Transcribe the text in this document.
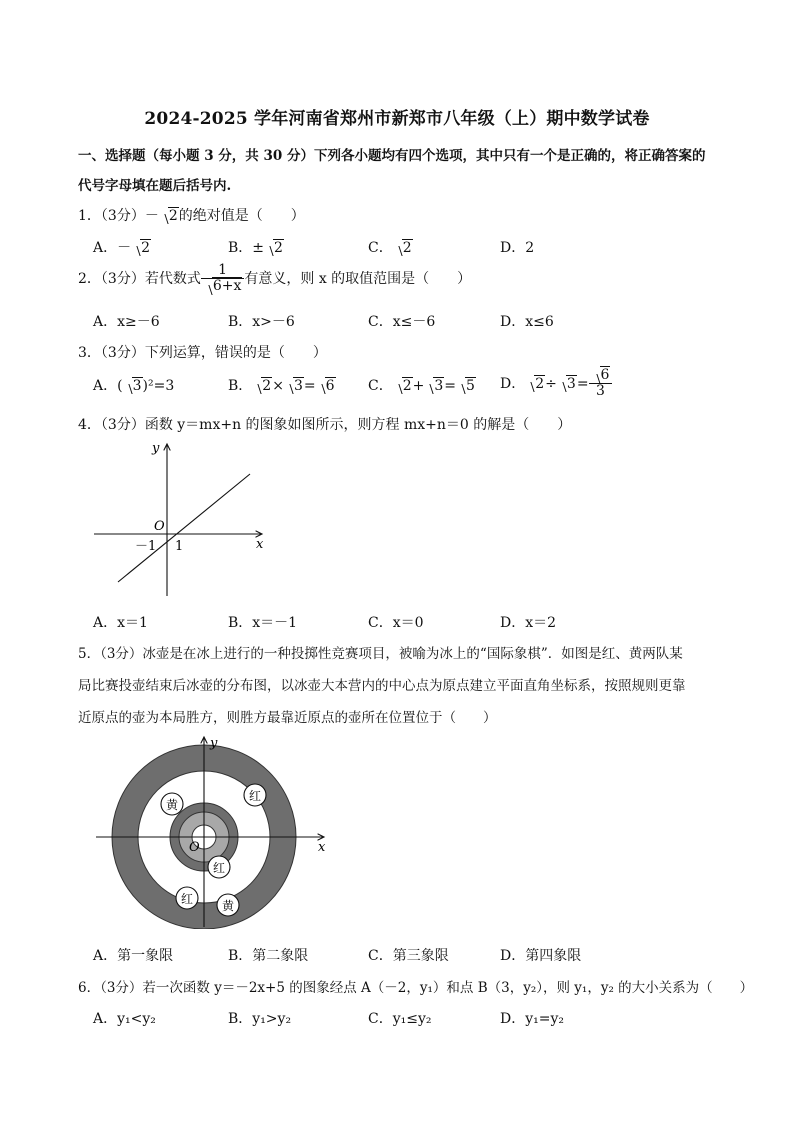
2024-2025 学年河南省郑州市新郑市八年级（上）期中数学试卷
一、选择题（每小题 3 分，共 30 分）下列各小题均有四个选项，其中只有一个是正确的，将正确答案的
代号字母填在题后括号内.
1．（3分）－ 2的绝对值是（　　）
A．－ 2	B．± 2	C． 2	D．2
2．（3分）若代数式 $\frac{1}{6+x}$ 有意义，则 x 的取值范围是（　　）
A．x≥－6	B．x>－6	C．x≤－6	D．x≤6
3．（3分）下列运算，错误的是（　　）
A．( 3)²=3	B． 2× 3= 6 C． 2+ 3= 5 D． $2\div 3= \frac{6}{3}$
4．（3分）函数 y＝mx+n 的图象如图所示，则方程 mx+n＝0 的解是（　　）
y
x
O
－1 1
A．x＝1	B．x＝－1	C．x＝0	D．x＝2
5．（3分）冰壶是在冰上进行的一种投掷性竞赛项目，被喻为冰上的“国际象棋”．如图是红、黄两队某
局比赛投壶结束后冰壶的分布图，以冰壶大本营内的中心点为原点建立平面直角坐标系，按照规则更靠
近原点的壶为本局胜方，则胜方最靠近原点的壶所在位置位于（　　）
y
x
O
黄
红
红
红 黄
A．第一象限	B．第二象限	C．第三象限	D．第四象限
6．（3分）若一次函数 y＝－2x+5 的图象经点 A（－2，y₁）和点 B（3，y₂），则 y₁，y₂ 的大小关系为（　　）
A．y₁<y₂	B．y₁>y₂	C．y₁≤y₂	D．y₁=y₂
